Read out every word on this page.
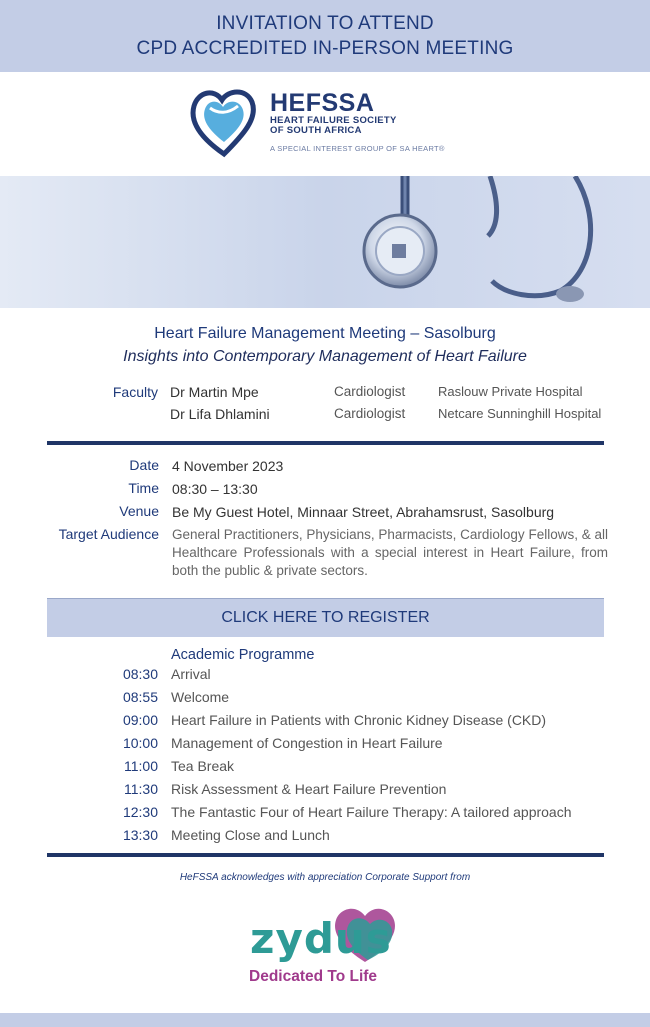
INVITATION TO ATTEND
CPD ACCREDITED IN-PERSON MEETING
HEFSSA
HEART FAILURE SOCIETY
OF SOUTH AFRICA
A SPECIAL INTEREST GROUP OF SA HEART®
Heart Failure Management Meeting – Sasolburg
Insights into Contemporary Management of Heart Failure
Faculty Dr Martin Mpe	Cardiologist	Raslouw Private Hospital
Dr Lifa Dhlamini	Cardiologist	Netcare Sunninghill Hospital
Date 4 November 2023
Time 08:30 – 13:30
Venue Be My Guest Hotel, Minnaar Street, Abrahamsrust, Sasolburg
Target Audience General Practitioners, Physicians, Pharmacists, Cardiology Fellows, & all Healthcare Professionals with a special interest in Heart Failure, from both the public & private sectors.
CLICK HERE TO REGISTER
Academic Programme
08:30 Arrival
08:55 Welcome
09:00 Heart Failure in Patients with Chronic Kidney Disease (CKD)
10:00 Management of Congestion in Heart Failure
11:00 Tea Break
11:30 Risk Assessment & Heart Failure Prevention
12:30 The Fantastic Four of Heart Failure Therapy: A tailored approach
13:30 Meeting Close and Lunch
HeFSSA acknowledges with appreciation Corporate Support from
zydus
Dedicated To Life
